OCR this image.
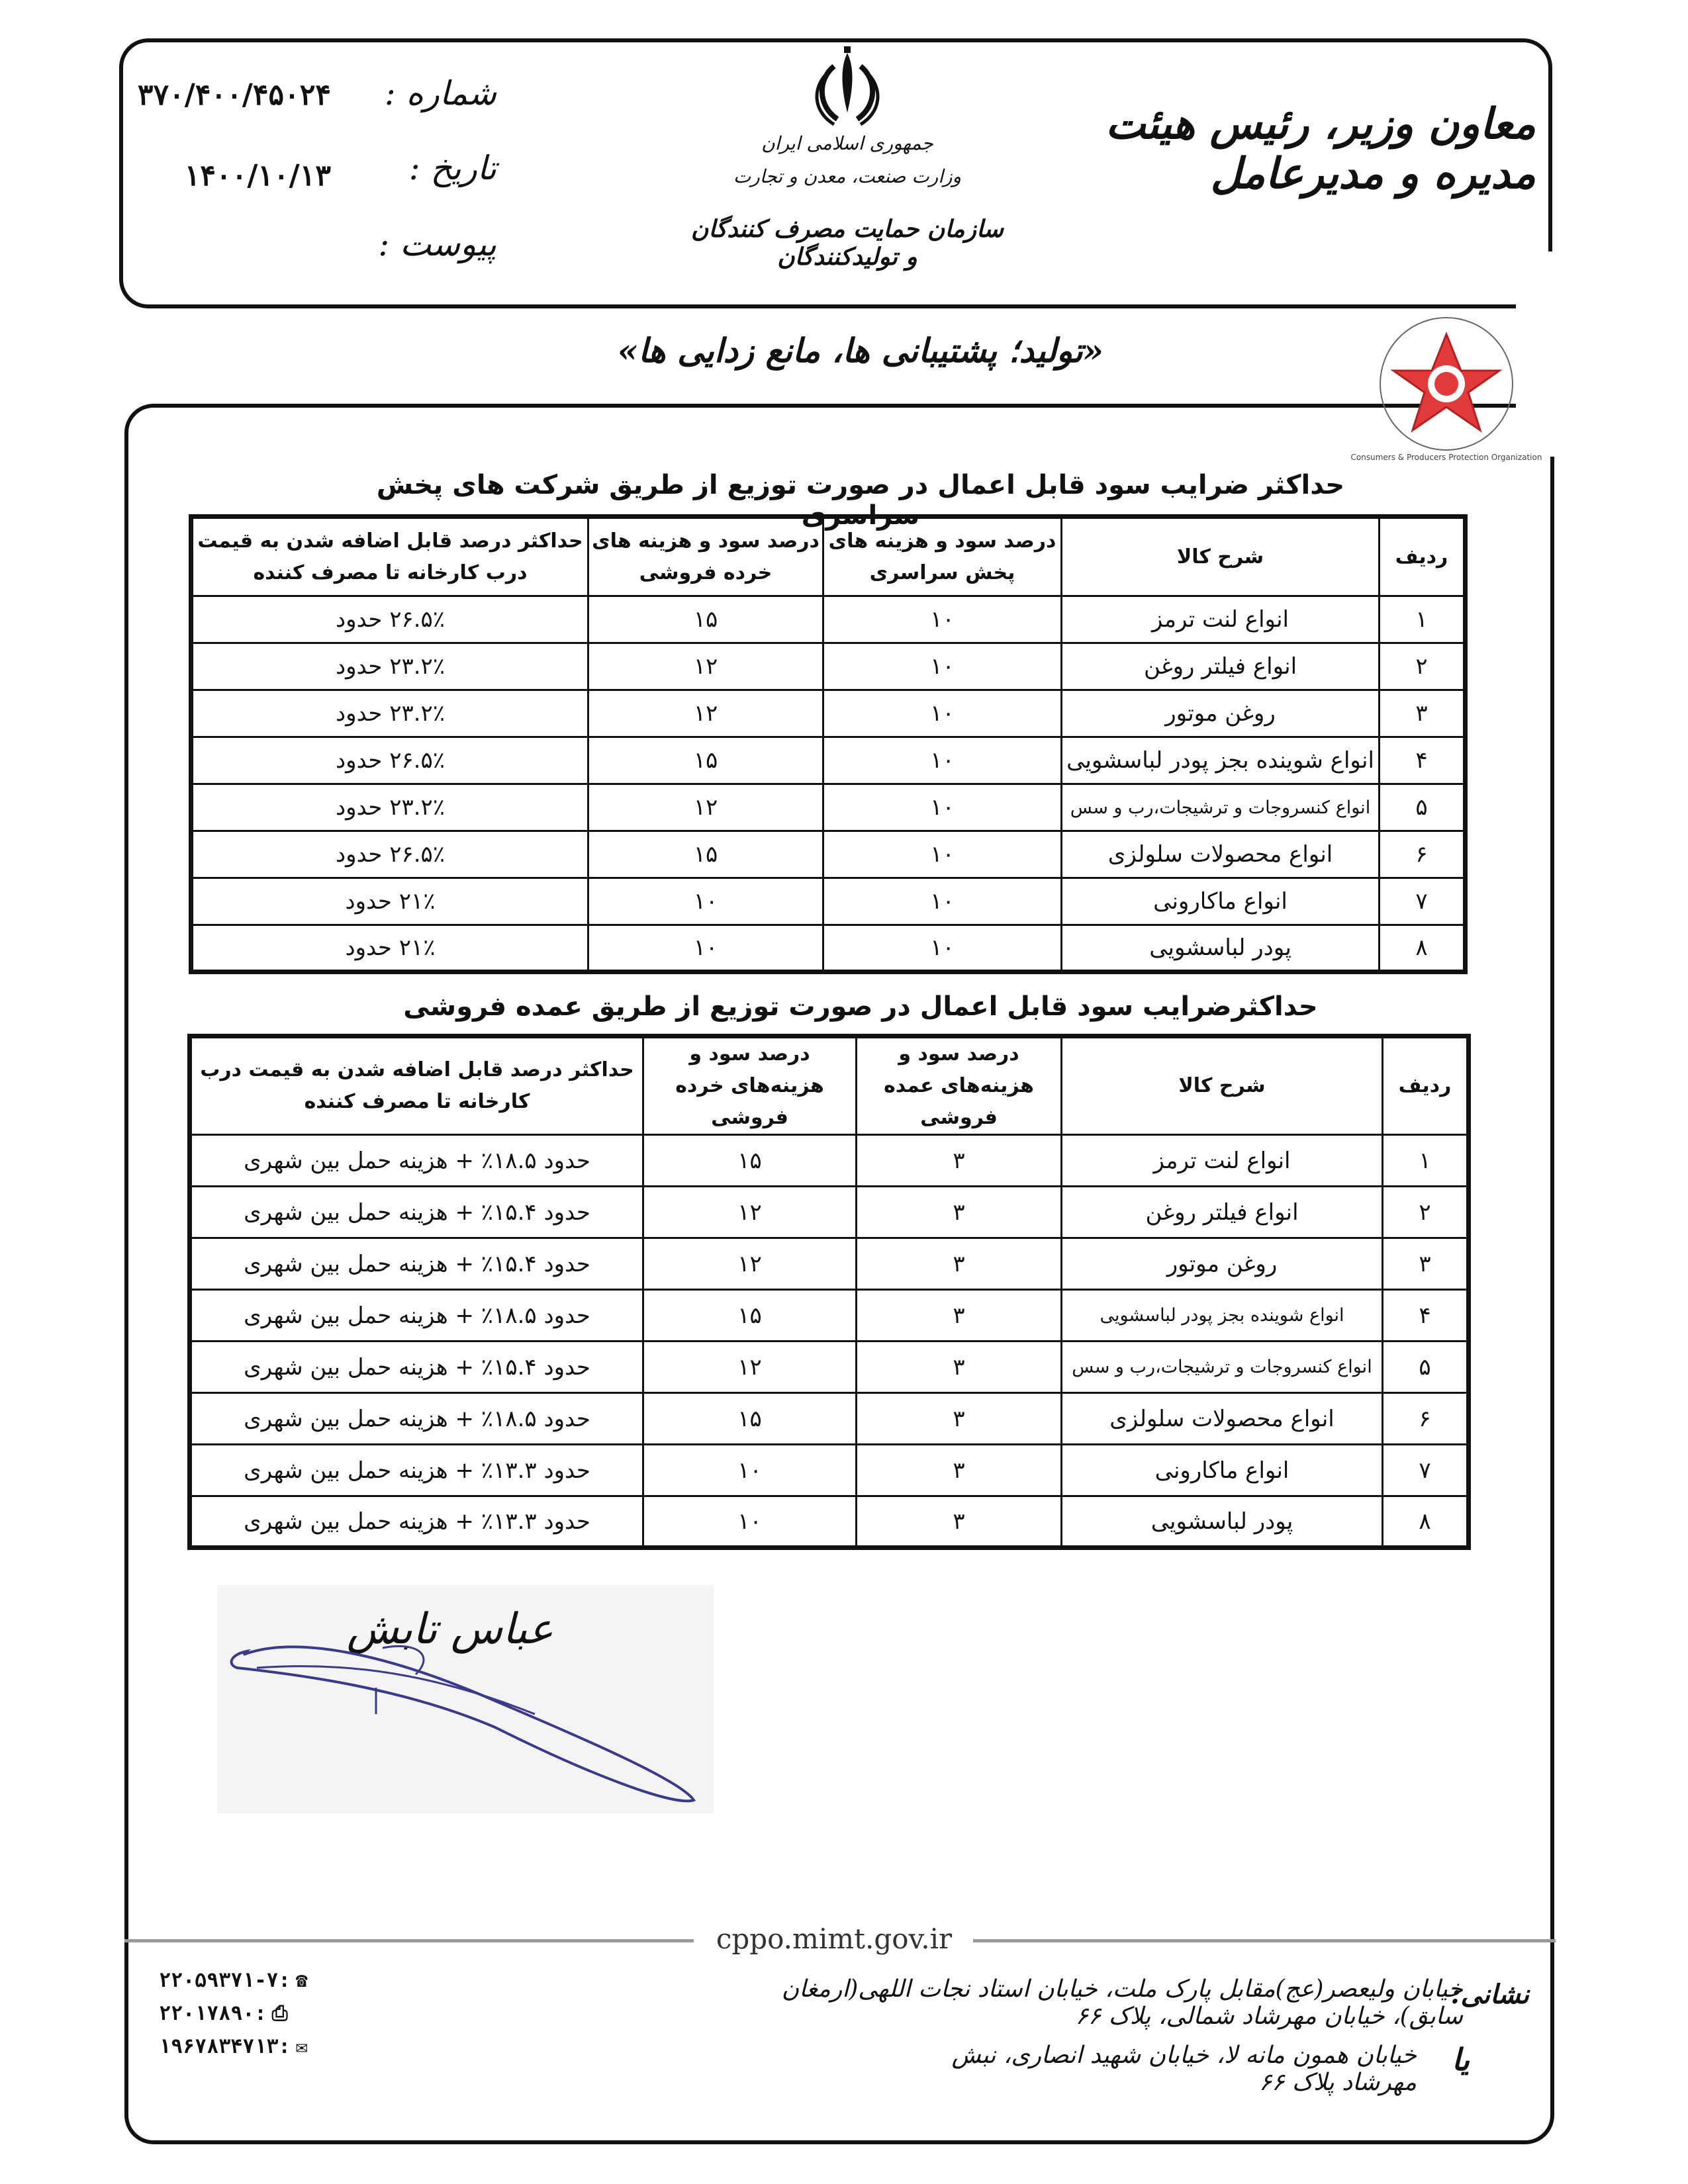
معاون وزیر، رئیس هیئت مدیره و مدیرعامل
شماره :
۳۷۰/۴۰۰/۴۵۰۲۴
تاریخ :
۱۴۰۰/۱۰/۱۳
پیوست :
جمهوری اسلامی ایران
وزارت صنعت، معدن و تجارت
سازمان حمایت مصرف کنندگان و تولیدکنندگان
«تولید؛ پشتیبانی ها، مانع زدایی ها»
Consumers & Producers Protection Organization
حداکثر ضرایب سود قابل اعمال در صورت توزیع از طریق شرکت های پخش سراسری
ردیف	شرح کالا	درصد سود و هزینه های پخش سراسری	درصد سود و هزینه های خرده فروشی	حداکثر درصد قابل اضافه شدن به قیمت درب کارخانه تا مصرف کننده
۱	انواع لنت ترمز	۱۰	۱۵	۲۶.۵٪ حدود
۲	انواع فیلتر روغن	۱۰	۱۲	۲۳.۲٪ حدود
۳	روغن موتور	۱۰	۱۲	۲۳.۲٪ حدود
۴	انواع شوینده بجز پودر لباسشویی	۱۰	۱۵	۲۶.۵٪ حدود
۵	انواع کنسروجات و ترشیجات،رب و سس	۱۰	۱۲	۲۳.۲٪ حدود
۶	انواع محصولات سلولزی	۱۰	۱۵	۲۶.۵٪ حدود
۷	انواع ماکارونی	۱۰	۱۰	۲۱٪ حدود
۸	پودر لباسشویی	۱۰	۱۰	۲۱٪ حدود
حداکثرضرایب سود قابل اعمال در صورت توزیع از طریق عمده فروشی
ردیف	شرح کالا	درصد سود و هزینه‌های عمده فروشی	درصد سود و هزینه‌های خرده فروشی	حداکثر درصد قابل اضافه شدن به قیمت درب کارخانه تا مصرف کننده
۱	انواع لنت ترمز	۳	۱۵	حدود ۱۸.۵٪ + هزینه حمل بین شهری
۲	انواع فیلتر روغن	۳	۱۲	حدود ۱۵.۴٪ + هزینه حمل بین شهری
۳	روغن موتور	۳	۱۲	حدود ۱۵.۴٪ + هزینه حمل بین شهری
۴	انواع شوینده بجز پودر لباسشویی	۳	۱۵	حدود ۱۸.۵٪ + هزینه حمل بین شهری
۵	انواع کنسروجات و ترشیجات،رب و سس	۳	۱۲	حدود ۱۵.۴٪ + هزینه حمل بین شهری
۶	انواع محصولات سلولزی	۳	۱۵	حدود ۱۸.۵٪ + هزینه حمل بین شهری
۷	انواع ماکارونی	۳	۱۰	حدود ۱۳.۳٪ + هزینه حمل بین شهری
۸	پودر لباسشویی	۳	۱۰	حدود ۱۳.۳٪ + هزینه حمل بین شهری
عباس تابش
cppo.mimt.gov.ir
۲۲۰۵۹۳۷۱-۷: ☎
۲۲۰۱۷۸۹۰: ⎙
۱۹۶۷۸۳۴۷۱۳: ✉
نشانی:
خیابان ولیعصر(عج)مقابل پارک ملت، خیابان استاد نجات اللهی(ارمغان سابق)، خیابان مهرشاد شمالی، پلاک ۶۶
یا
خیابان همون مانه لا، خیابان شهید انصاری، نبش مهرشاد پلاک ۶۶
